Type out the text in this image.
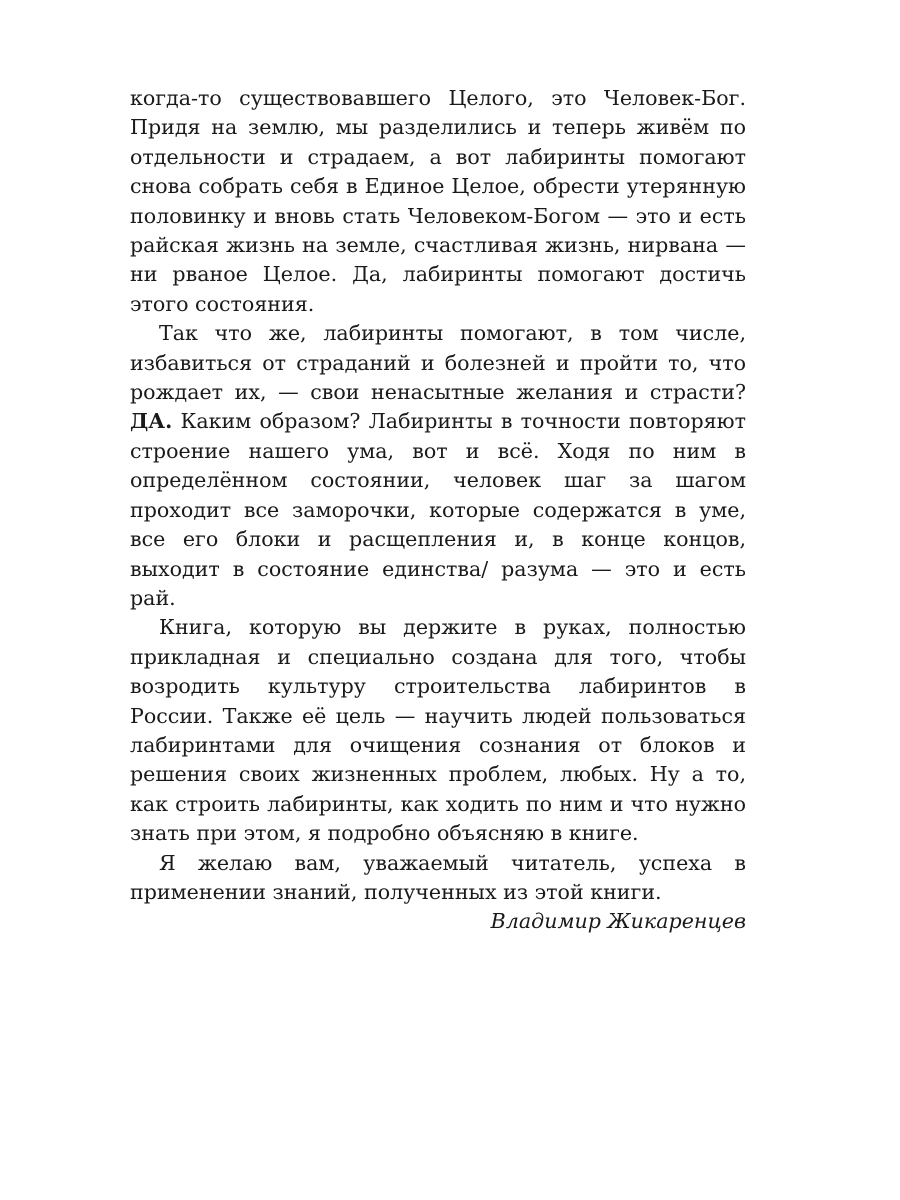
когда-то существовавшего Целого, это Человек-Бог. Придя на землю, мы разделились и теперь живём по отдельности и страдаем, а вот лабиринты помогают снова собрать себя в Единое Целое, обрести утерянную половинку и вновь стать Человеком-Богом — это и есть райская жизнь на земле, счастливая жизнь, нирвана — ни рваное Целое. Да, лабиринты помогают достичь этого состояния.

Так что же, лабиринты помогают, в том числе, избавиться от страданий и болезней и пройти то, что рождает их, — свои ненасытные желания и страсти? ДА. Каким образом? Лабиринты в точности повторяют строение нашего ума, вот и всё. Ходя по ним в определённом состоянии, человек шаг за шагом проходит все заморочки, которые содержатся в уме, все его блоки и расщепления и, в конце концов, выходит в состояние единства/ разума — это и есть рай.

Книга, которую вы держите в руках, полностью прикладная и специально создана для того, чтобы возродить культуру строительства лабиринтов в России. Также её цель — научить людей пользоваться лабиринтами для очищения сознания от блоков и решения своих жизненных проблем, любых. Ну а то, как строить лабиринты, как ходить по ним и что нужно знать при этом, я подробно объясняю в книге.

Я желаю вам, уважаемый читатель, успеха в применении знаний, полученных из этой книги.

Владимир Жикаренцев
